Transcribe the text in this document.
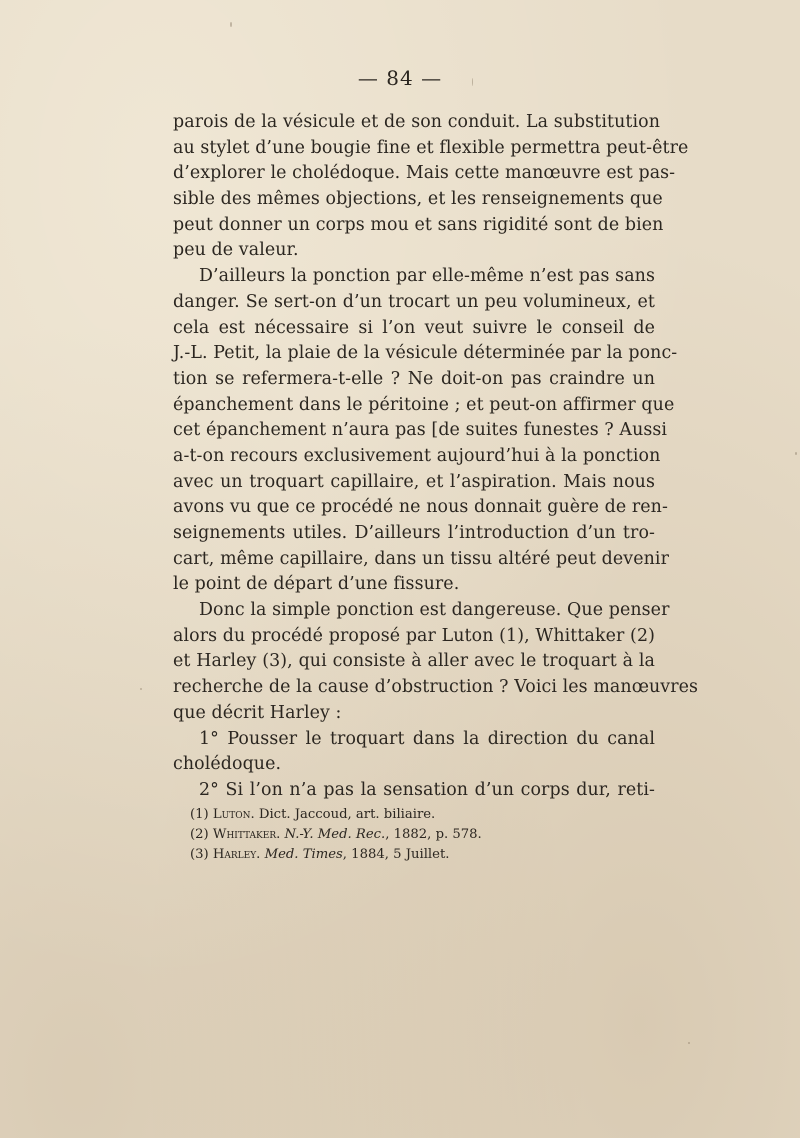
— 84 —
parois de la vésicule et de son conduit. La substitution
au stylet d’une bougie fine et flexible permettra peut-être
d’explorer le cholédoque. Mais cette manœuvre est pas-
sible des mêmes objections, et les renseignements que
peut donner un corps mou et sans rigidité sont de bien
peu de valeur.
D’ailleurs la ponction par elle-même n’est pas sans
danger. Se sert-on d’un trocart un peu volumineux, et
cela est nécessaire si l’on veut suivre le conseil de
J.-L. Petit, la plaie de la vésicule déterminée par la ponc-
tion se refermera-t-elle ? Ne doit-on pas craindre un
épanchement dans le péritoine ; et peut-on affirmer que
cet épanchement n’aura pas [de suites funestes ? Aussi
a-t-on recours exclusivement aujourd’hui à la ponction
avec un troquart capillaire, et l’aspiration. Mais nous
avons vu que ce procédé ne nous donnait guère de ren-
seignements utiles. D’ailleurs l’introduction d’un tro-
cart, même capillaire, dans un tissu altéré peut devenir
le point de départ d’une fissure.
Donc la simple ponction est dangereuse. Que penser
alors du procédé proposé par Luton (1), Whittaker (2)
et Harley (3), qui consiste à aller avec le troquart à la
recherche de la cause d’obstruction ? Voici les manœuvres
que décrit Harley :
1° Pousser le troquart dans la direction du canal
cholédoque.
2° Si l’on n’a pas la sensation d’un corps dur, reti-
(1) Luton. Dict. Jaccoud, art. biliaire.
(2) Whittaker. N.-Y. Med. Rec., 1882, p. 578.
(3) Harley. Med. Times, 1884, 5 Juillet.
